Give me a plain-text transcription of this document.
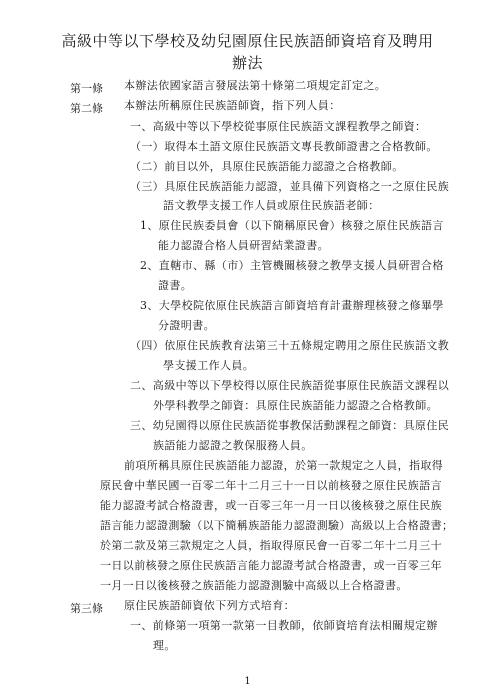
高級中等以下學校及幼兒園原住民族語師資培育及聘用
辦法
第一條 本辦法依國家語言發展法第十條第二項規定訂定之。
第二條 本辦法所稱原住民族語師資，指下列人員：
一、高級中等以下學校從事原住民族語文課程教學之師資：
（一）取得本土語文原住民族語文專長教師證書之合格教師。
（二）前目以外，具原住民族語能力認證之合格教師。
（三）具原住民族語能力認證，並具備下列資格之一之原住民族
語文教學支援工作人員或原住民族語老師：
1、原住民族委員會（以下簡稱原民會）核發之原住民族語言
能力認證合格人員研習結業證書。
2、直轄市、縣（市）主管機關核發之教學支援人員研習合格
證書。
3、大學校院依原住民族語言師資培育計畫辦理核發之修畢學
分證明書。
（四）依原住民族教育法第三十五條規定聘用之原住民族語文教
學支援工作人員。
二、高級中等以下學校得以原住民族語從事原住民族語文課程以
外學科教學之師資：具原住民族語能力認證之合格教師。
三、幼兒園得以原住民族語從事教保活動課程之師資：具原住民
族語能力認證之教保服務人員。
前項所稱具原住民族語能力認證，於第一款規定之人員，指取得
原民會中華民國一百零二年十二月三十一日以前核發之原住民族語言
能力認證考試合格證書，或一百零三年一月一日以後核發之原住民族
語言能力認證測驗（以下簡稱族語能力認證測驗）高級以上合格證書；
於第二款及第三款規定之人員，指取得原民會一百零二年十二月三十
一日以前核發之原住民族語言能力認證考試合格證書，或一百零三年
一月一日以後核發之族語能力認證測驗中高級以上合格證書。
第三條 原住民族語師資依下列方式培育：
一、前條第一項第一款第一目教師，依師資培育法相關規定辦
理。
1
